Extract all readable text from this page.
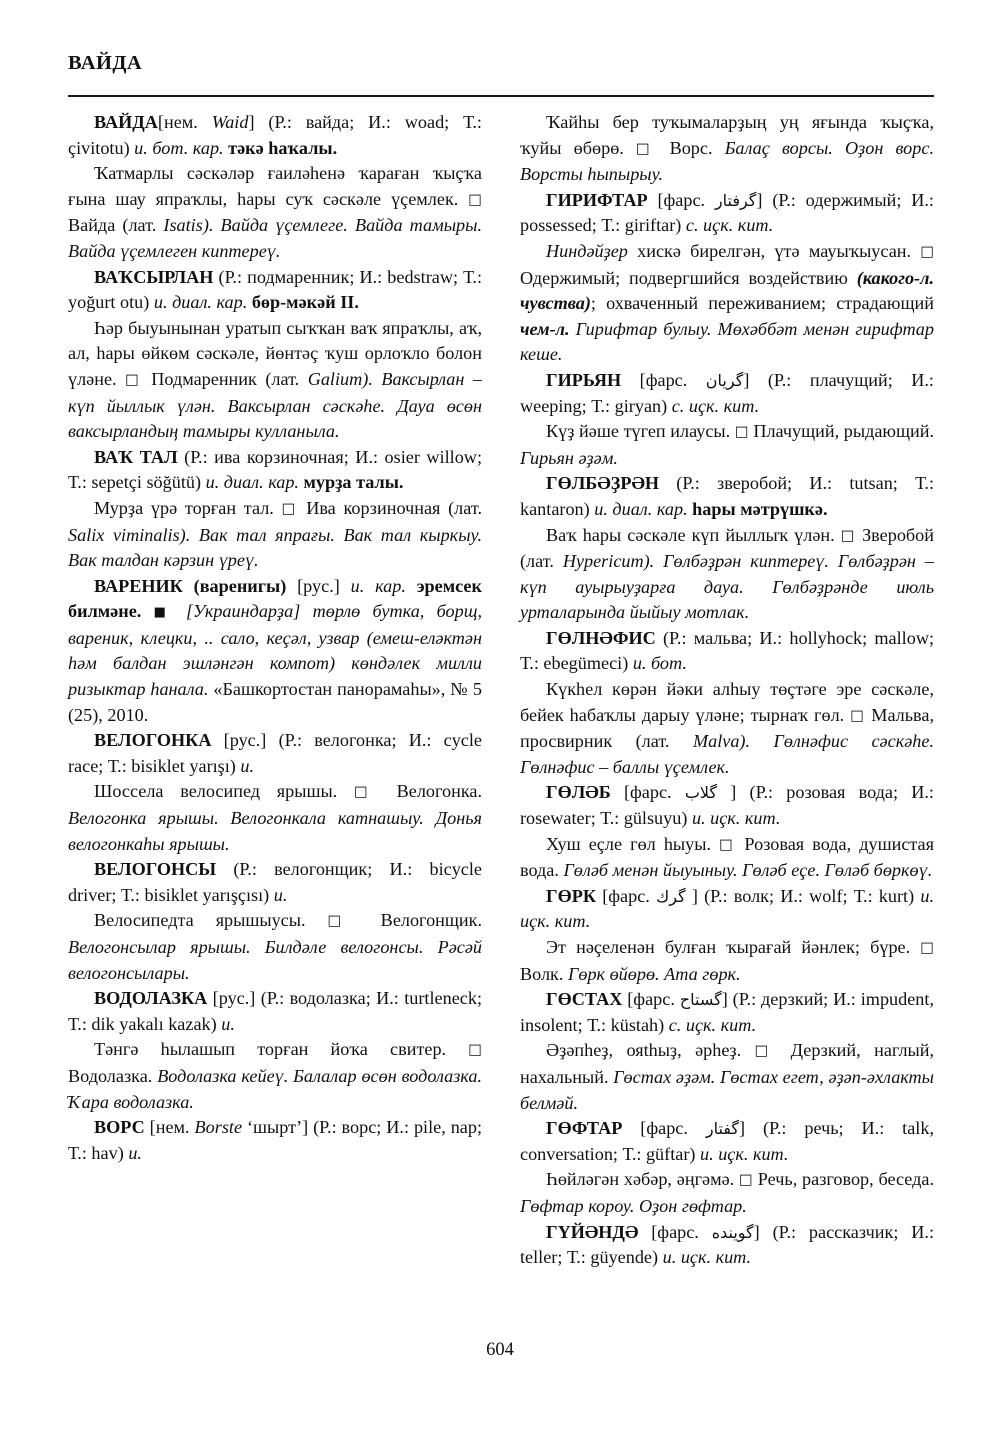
ВАЙДА

ВАЙДА[нем. Waid] (Р.: вайда; И.: woad; Т.: çivitotu) и. бот. кар. тәкә һаҡалы.

Ҡатмарлы сәскәләр ғаиләһенә ҡараған ҡыçҡа ғына шау япраҡлы, һары суҡ сәскәле үçемлек. □ Вайда (лат. Isatis). Вайда үçемлеге. Вайда тамыры. Вайда үçемлеген киптереү.

ВАҠСЫРЛАН (Р.: подмаренник; И.: bedstraw; Т.: yoğurt otu) и. диал. кар. бөр-мәкәй II.

Һәр быуынынан уратып сыҡҡан ваҡ япраҡлы, аҡ, ал, һары өйкөм сәскәле, йөнтәç ҡуш орлоҡло болон үләне. □ Подмаренник (лат. Galium). Ваксырлан – күп йыллык үлән. Ваксырлан сәскәһе. Дауа өсөн ваксырландың тамыры кулланыла.

ВАҠ ТАЛ (Р.: ива корзиночная; И.: osier willow; Т.: sepetçi söğütü) и. диал. кар. мурҙа талы.

Мурҙа үрә торған тал. □ Ива корзиночная (лат. Salix viminalis). Вак тал япрағы. Вак тал кыркыу. Вак талдан кәрзин үреү.

ВАРЕНИК (варенигы) [рус.] и. кар. эремсек билмәне. ■ [Украиндарҙа] төрлө бутка, борщ, вареник, клецки, .. сало, кеçәл, узвар (емеш-еләктән һәм балдан эшләнгән компот) көндәлек милли ризыктар һанала. «Башкортостан панорамаһы», № 5 (25), 2010.

ВЕЛОГОНКА [рус.] (Р.: велогонка; И.: cycle race; Т.: bisiklet yarışı) и.

Шоссела велосипед ярышы. □ Велогонка. Велогонка ярышы. Велогонкала катнашыу. Донья велогонкаһы ярышы.

ВЕЛОГОНСЫ (Р.: велогонщик; И.: bicycle driver; Т.: bisiklet yarışçısı) и.

Велосипедта ярышыусы. □ Велогонщик. Велогонсылар ярышы. Билдәле велогонсы. Рәсәй велогонсылары.

ВОДОЛАЗКА [рус.] (Р.: водолазка; И.: turtleneck; Т.: dik yakalı kazak) и.

Тәнгә һылашып торған йоҡа свитер. □ Водолазка. Водолазка кейеү. Балалар өсөн водолазка. Ҡара водолазка.

ВОРС [нем. Borste ‘шырт’] (Р.: ворс; И.: pile, nap; Т.: hav) и.

Ҡайһы бер туҡымаларҙың уң яғында ҡыçҡа, ҡуйы өбөрө. □ Ворс. Балаç ворсы. Оҙон ворс. Ворсты һыпырыу.

ГИРИФТАР [фарс. گرفتار] (Р.: одержимый; И.: possessed; Т.: giriftar) с. иçк. кит.

Ниндәйҙер хискә бирелгән, үтә мауыҡыусан. □ Одержимый; подвергшийся воздействию (какого-л. чувства); охваченный переживанием; страдающий чем-л. Гирифтар булыу. Мөхәббәт менән гирифтар кеше.

ГИРЬЯН [фарс. گريان] (Р.: плачущий; И.: weeping; Т.: giryan) с. иçк. кит.

Күҙ йәше түгеп илаусы. □ Плачущий, рыдающий. Гирьян әҙәм.

ГӨЛБӘҘРӘН (Р.: зверобой; И.: tutsan; Т.: kantaron) и. диал. кар. һары мәтрүшкә.

Ваҡ һары сәскәле күп йыллыҡ үлән. □ Зверобой (лат. Hypericum). Гөлбәҙрән киптереү. Гөлбәҙрән – күп ауырыуҙарға дауа. Гөлбәҙрәнде июль урталарында йыйыу мотлак.

ГӨЛНӘФИС (Р.: мальва; И.: hollyhock; mallow; Т.: ebegümeci) и. бот.

Күкһел көрән йәки алһыу төçтәге эре сәскәле, бейек һабаҡлы дарыу үләне; тырнаҡ гөл. □ Мальва, просвирник (лат. Malva). Гөлнәфис сәскәһе. Гөлнәфис – баллы үçемлек.

ГӨЛӘБ [фарс. گلاب ] (Р.: розовая вода; И.: rosewater; Т.: gülsuyu) и. иçк. кит.

Хуш еçле гөл һыуы. □ Розовая вода, душистая вода. Гөләб менән йыуыныу. Гөләб еçе. Гөләб бөркөү.

ГӨРК [фарс. گرك ] (Р.: волк; И.: wolf; Т.: kurt) и. иçк. кит.

Эт нәçеленән булған ҡырағай йәнлек; бүре. □ Волк. Гөрк өйөрө. Ата гөрк.

ГӨСТАХ [фарс. گستاح] (Р.: дерзкий; И.: impudent, insolent; Т.: küstah) с. иçк. кит.

Әҙәпһеҙ, ояthыҙ, әрһеҙ. □ Дерзкий, наглый, нахальный. Гөстах әҙәм. Гөстах егет, әҙәп-әхлакты белмәй.

ГӨФТАР [фарс. گفتار] (Р.: речь; И.: talk, conversation; Т.: güftar) и. иçк. кит.

Һөйләгән хәбәр, әңгәмә. □ Речь, разговор, беседа. Гөфтар короу. Оҙон гөфтар.

ГҮЙӘНДӘ [фарс. گوينده] (Р.: рассказчик; И.: teller; Т.: güyende) и. иçк. кит.

604
